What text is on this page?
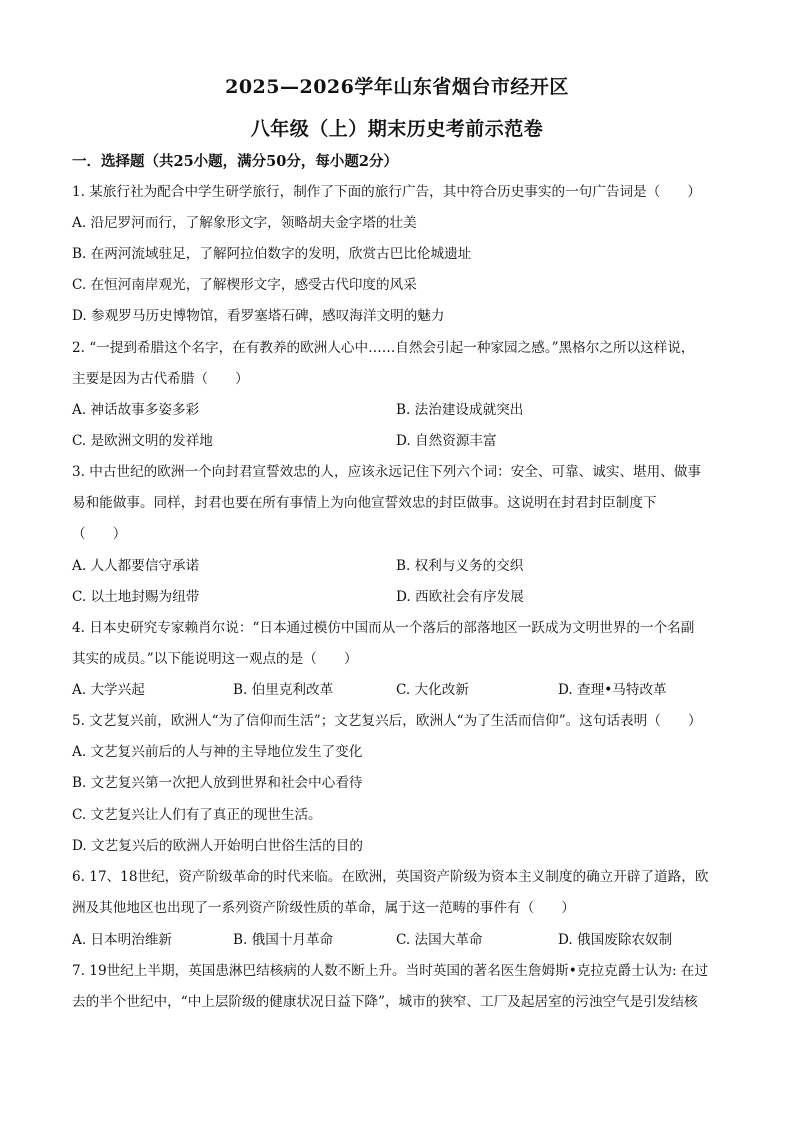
2025—2026学年山东省烟台市经开区
八年级（上）期末历史考前示范卷
一．选择题（共25小题，满分50分，每小题2分）
1. 某旅行社为配合中学生研学旅行，制作了下面的旅行广告，其中符合历史事实的一句广告词是（　　）
A. 沿尼罗河而行，了解象形文字，领略胡夫金字塔的壮美
B. 在两河流域驻足，了解阿拉伯数字的发明，欣赏古巴比伦城遗址
C. 在恒河南岸观光，了解楔形文字，感受古代印度的风采
D. 参观罗马历史博物馆，看罗塞塔石碑，感叹海洋文明的魅力
2. “一提到希腊这个名字，在有教养的欧洲人心中……自然会引起一种家园之感。”黑格尔之所以这样说，
主要是因为古代希腊（　　）
A. 神话故事多姿多彩	B. 法治建设成就突出
C. 是欧洲文明的发祥地	D. 自然资源丰富
3. 中古世纪的欧洲一个向封君宣誓效忠的人，应该永远记住下列六个词：安全、可靠、诚实、堪用、做事
易和能做事。同样，封君也要在所有事情上为向他宣誓效忠的封臣做事。这说明在封君封臣制度下
（　　）
A. 人人都要信守承诺	B. 权利与义务的交织
C. 以土地封赐为纽带	D. 西欧社会有序发展
4. 日本史研究专家赖肖尔说：“日本通过模仿中国而从一个落后的部落地区一跃成为文明世界的一个名副
其实的成员。”以下能说明这一观点的是（　　）
A. 大学兴起	B. 伯里克利改革	C. 大化改新	D. 查理•马特改革
5. 文艺复兴前，欧洲人“为了信仰而生活”；文艺复兴后，欧洲人“为了生活而信仰”。这句话表明（　　）
A. 文艺复兴前后的人与神的主导地位发生了变化
B. 文艺复兴第一次把人放到世界和社会中心看待
C. 文艺复兴让人们有了真正的现世生活。
D. 文艺复兴后的欧洲人开始明白世俗生活的目的
6. 17、18世纪，资产阶级革命的时代来临。在欧洲，英国资产阶级为资本主义制度的确立开辟了道路，欧
洲及其他地区也出现了一系列资产阶级性质的革命，属于这一范畴的事件有（　　）
A. 日本明治维新	B. 俄国十月革命	C. 法国大革命	D. 俄国废除农奴制
7. 19世纪上半期，英国患淋巴结核病的人数不断上升。当时英国的著名医生詹姆斯•克拉克爵士认为: 在过
去的半个世纪中，“中上层阶级的健康状况日益下降”，城市的狭窄、工厂及起居室的污浊空气是引发结核
